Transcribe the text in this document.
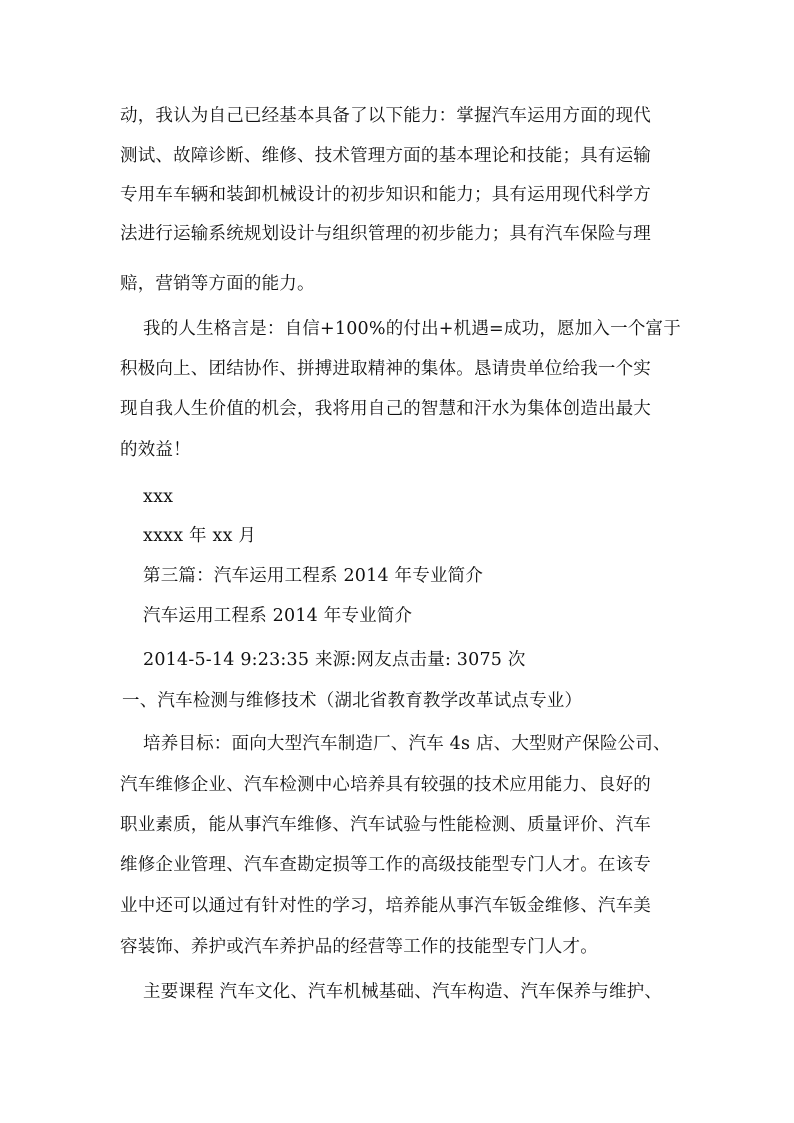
动，我认为自己已经基本具备了以下能力：掌握汽车运用方面的现代
测试、故障诊断、维修、技术管理方面的基本理论和技能；具有运输
专用车车辆和装卸机械设计的初步知识和能力；具有运用现代科学方
法进行运输系统规划设计与组织管理的初步能力；具有汽车保险与理
赔，营销等方面的能力。
我的人生格言是：自信+100%的付出+机遇=成功，愿加入一个富于
积极向上、团结协作、拼搏进取精神的集体。恳请贵单位给我一个实
现自我人生价值的机会，我将用自己的智慧和汗水为集体创造出最大
的效益！
xxx
xxxx 年 xx 月
第三篇：汽车运用工程系 2014 年专业简介
汽车运用工程系 2014 年专业简介
2014-5-14 9:23:35 来源:网友点击量: 3075 次
一、汽车检测与维修技术（湖北省教育教学改革试点专业）
培养目标：面向大型汽车制造厂、汽车 4s 店、大型财产保险公司、
汽车维修企业、汽车检测中心培养具有较强的技术应用能力、良好的
职业素质，能从事汽车维修、汽车试验与性能检测、质量评价、汽车
维修企业管理、汽车查勘定损等工作的高级技能型专门人才。在该专
业中还可以通过有针对性的学习，培养能从事汽车钣金维修、汽车美
容装饰、养护或汽车养护品的经营等工作的技能型专门人才。
主要课程 汽车文化、汽车机械基础、汽车构造、汽车保养与维护、
